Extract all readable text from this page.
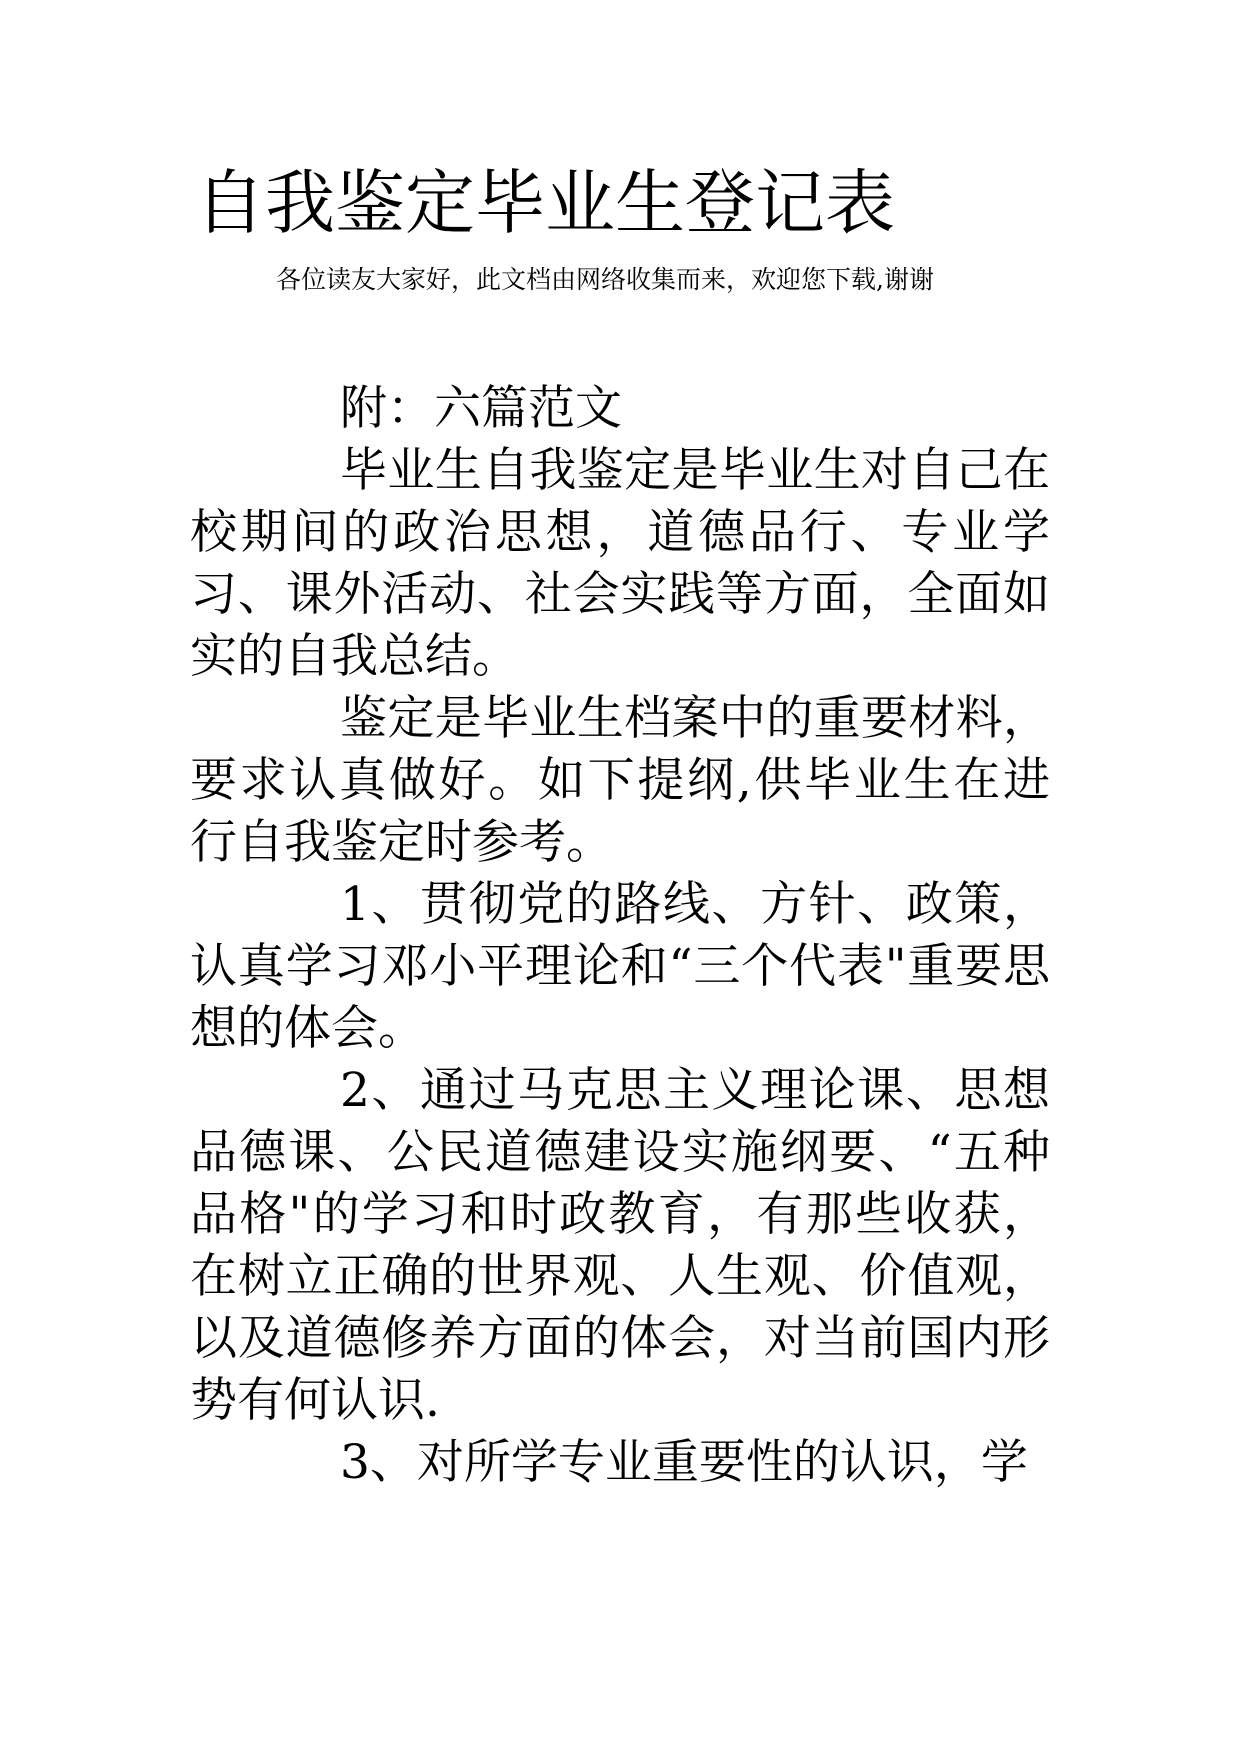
自我鉴定毕业生登记表
各位读友大家好，此文档由网络收集而来，欢迎您下载,谢谢

附：六篇范文

毕业生自我鉴定是毕业生对自己在校期间的政治思想，道德品行、专业学习、课外活动、社会实践等方面，全面如实的自我总结。

鉴定是毕业生档案中的重要材料，要求认真做好。如下提纲,供毕业生在进行自我鉴定时参考。

1、贯彻党的路线、方针、政策，认真学习邓小平理论和“三个代表"重要思想的体会。

2、通过马克思主义理论课、思想品德课、公民道德建设实施纲要、“五种品格"的学习和时政教育，有那些收获，在树立正确的世界观、人生观、价值观，以及道德修养方面的体会，对当前国内形势有何认识.

3、对所学专业重要性的认识，学
